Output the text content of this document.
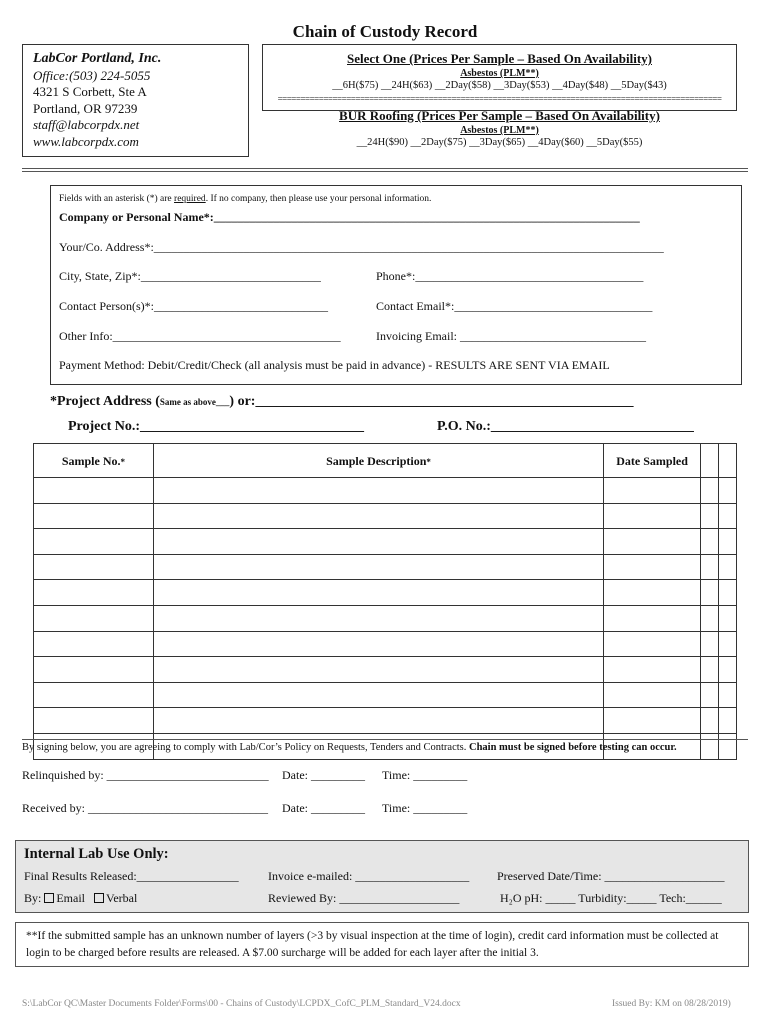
Chain of Custody Record
LabCor Portland, Inc.
Office:(503) 224-5055
4321 S Corbett, Ste A
Portland, OR 97239
staff@labcorpdx.net
www.labcorpdx.com
Select One (Prices Per Sample – Based On Availability)
Asbestos (PLM**)
__6H($75) __24H($63) __2Day($58) __3Day($53) __4Day($48) __5Day($43)
=================================================================================================
BUR Roofing (Prices Per Sample – Based On Availability)
Asbestos (PLM**)
__24H($90) __2Day($75) __3Day($65) __4Day($60) __5Day($55)
Fields with an asterisk (*) are required. If no company, then please use your personal information.
Company or Personal Name*:_______________________________________________________________________
Your/Co. Address*:_____________________________________________________________________________________
City, State, Zip*:______________________________	Phone*:______________________________________
Contact Person(s)*:_____________________________	Contact Email*:_________________________________
Other Info:______________________________________	Invoicing Email: _______________________________
Payment Method: Debit/Credit/Check (all analysis must be paid in advance) - RESULTS ARE SENT VIA EMAIL
*Project Address (Same as above___) or:______________________________________________________
Project No.:________________________________	P.O. No.:_____________________________
Sample No.*	Sample Description*	Date Sampled		

By signing below, you are agreeing to comply with Lab/Cor’s Policy on Requests, Tenders and Contracts. Chain must be signed before testing can occur.
Relinquished by: ___________________________ Date: _________ Time: _________
Received by: ______________________________ Date: _________ Time: _________
Internal Lab Use Only:
Final Results Released:_________________ Invoice e-mailed: ___________________ Preserved Date/Time: ____________________
By: Email Verbal	Reviewed By: ____________________	H₂O pH: _____ Turbidity:_____ Tech:______
**If the submitted sample has an unknown number of layers (>3 by visual inspection at the time of login), credit card information must be collected at login to be charged before results are released. A $7.00 surcharge will be added for each layer after the initial 3.
S:\LabCor QC\Master Documents Folder\Forms\00 - Chains of Custody\LCPDX_CofC_PLM_Standard_V24.docx	Issued By: KM on 08/28/2019)
